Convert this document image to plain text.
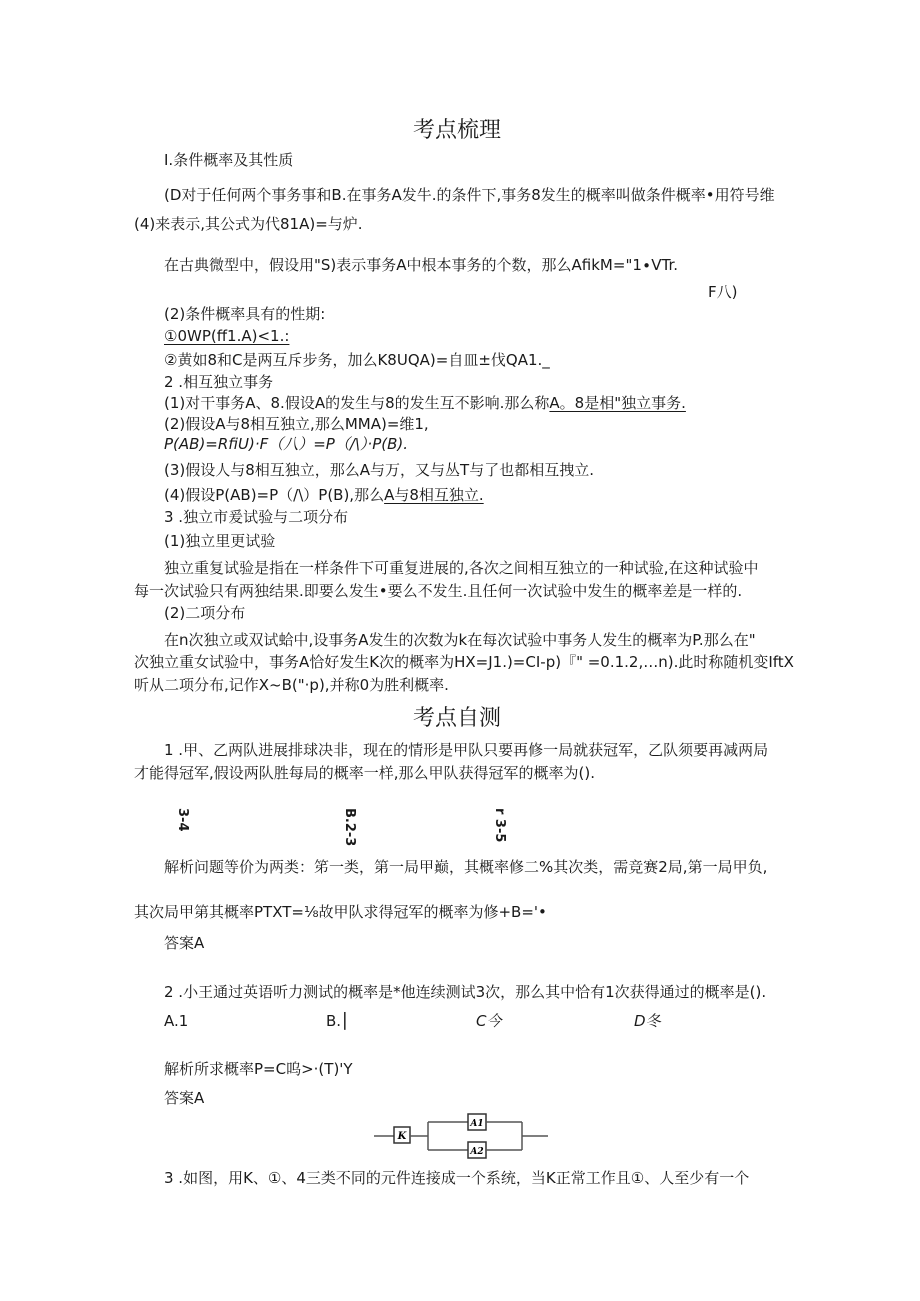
考点梳理
I.条件概率及其性质
(D对于任何两个事务事和B.在事务A发牛.的条件下,事务8发生的概率叫做条件概率•用符号维
(4)来表示,其公式为代81A)=与炉.
在古典微型中，假设用"S)表示事务A中根本事务的个数，那么AfikM="1∙VTr.
F八)
(2)条件概率具有的性期:
①0WP(ff1.A)<1.:
②黄如8和C是两互斥步务，加么K8UQA)=自皿±伐QA1._
2 .相互独立事务
(1)对干事务A、8.假设A的发生与8的发生互不影响.那么称A。8是相"独立事务.
(2)假设A与8相互独立,那么MMA)=维1,
P(AB)=RfiU)·F（八）=P（/\）·P(B).
(3)假设人与8相互独立，那么A与万，又与丛T与了也都相互拽立.
(4)假设P(AB)=P（/\）P(B),那么A与8相互独立.
3 .独立市爰试验与二项分布
(1)独立里更试验
独立重复试验是指在一样条件下可重复进展的,各次之间相互独立的一种试验,在这种试验中
每一次试验只有两独结果.即要么发生•要么不发生.且任何一次试验中发生的概率差是一样的.
(2)二项分布
在n次独立或双试蛤中,设事务A发生的次数为k在每次试验中事务人发生的概率为P.那么在"
次独立重女试验中，事务A恰好发生K次的概率为HX=J1.)=CI-p)『" =0.1.2,…n).此时称随机变IftX
听从二项分布,记作X~B("·p),并称0为胜利概率.
考点自测
1 .甲、乙两队进展排球决非，现在的情形是甲队只要再修一局就获冠军，乙队须要再减两局
才能得冠军,假设两队胜每局的概率一样,那么甲队获得冠军的概率为().
3-4	B.2-3	r 3-5
解析问题等价为两类：笫一类，第一局甲巅，其概率修二%其次类，需竞赛2局,第一局甲负,
其次局甲第其概率PTXT=⅛故甲队求得冠军的概率为修+B='•
答案A
2 .小王通过英语听力测试的概率是*他连续测试3次，那么其中恰有1次获得通过的概率是().
A.1	B.⎮	C今	D冬
解析所求概率P=C呜>·(T)'Y
答案A
K
A1
A2
3 .如图，用K、①、4三类不同的元件连接成一个系统，当K正常工作且①、人至少有一个
